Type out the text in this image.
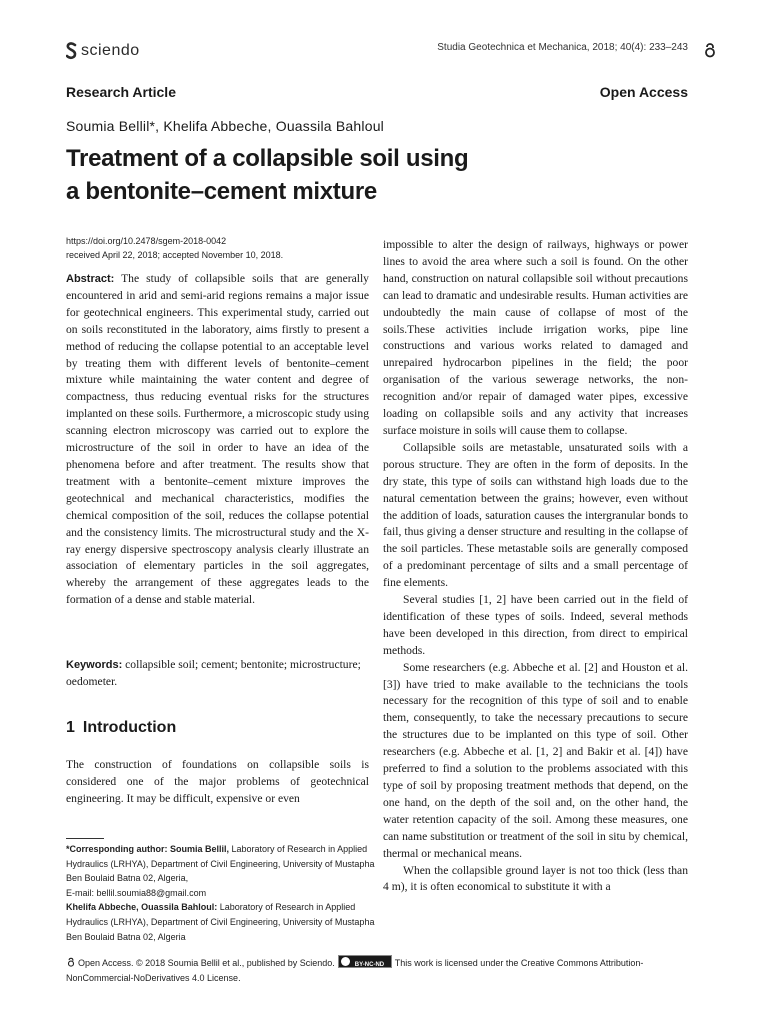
sciendo	Studia Geotechnica et Mechanica, 2018; 40(4): 233–243
Research Article	Open Access
Soumia Bellil*, Khelifa Abbeche, Ouassila Bahloul
Treatment of a collapsible soil using
a bentonite–cement mixture
https://doi.org/10.2478/sgem-2018-0042
received April 22, 2018; accepted November 10, 2018.

Abstract: The study of collapsible soils that are generally encountered in arid and semi-arid regions remains a major issue for geotechnical engineers. This experimental study, carried out on soils reconstituted in the laboratory, aims firstly to present a method of reducing the collapse potential to an acceptable level by treating them with different levels of bentonite–cement mixture while maintaining the water content and degree of compactness, thus reducing eventual risks for the structures implanted on these soils. Furthermore, a microscopic study using scanning electron microscopy was carried out to explore the microstructure of the soil in order to have an idea of the phenomena before and after treatment. The results show that treatment with a bentonite–cement mixture improves the geotechnical and mechanical characteristics, modifies the chemical composition of the soil, reduces the collapse potential and the consistency limits. The microstructural study and the X-ray energy dispersive spectroscopy analysis clearly illustrate an association of elementary particles in the soil aggregates, whereby the arrangement of these aggregates leads to the formation of a dense and stable material.

Keywords: collapsible soil; cement; bentonite; microstructure; oedometer.

1 Introduction

The construction of foundations on collapsible soils is considered one of the major problems of geotechnical engineering. It may be difficult, expensive or even

*Corresponding author: Soumia Bellil, Laboratory of Research in Applied Hydraulics (LRHYA), Department of Civil Engineering, University of Mustapha Ben Boulaid Batna 02, Algeria,
E-mail: bellil.soumia88@gmail.com
Khelifa Abbeche, Ouassila Bahloul: Laboratory of Research in Applied Hydraulics (LRHYA), Department of Civil Engineering, University of Mustapha Ben Boulaid Batna 02, Algeria

impossible to alter the design of railways, highways or power lines to avoid the area where such a soil is found. On the other hand, construction on natural collapsible soil without precautions can lead to dramatic and undesirable results. Human activities are undoubtedly the main cause of collapse of most of the soils.These activities include irrigation works, pipe line constructions and various works related to damaged and unrepaired hydrocarbon pipelines in the field; the poor organisation of the various sewerage networks, the non-recognition and/or repair of damaged water pipes, excessive loading on collapsible soils and any activity that increases surface moisture in soils will cause them to collapse.

Collapsible soils are metastable, unsaturated soils with a porous structure. They are often in the form of deposits. In the dry state, this type of soils can withstand high loads due to the natural cementation between the grains; however, even without the addition of loads, saturation causes the intergranular bonds to fail, thus giving a denser structure and resulting in the collapse of the soil particles. These metastable soils are generally composed of a predominant percentage of silts and a small percentage of fine elements.

Several studies [1, 2] have been carried out in the field of identification of these types of soils. Indeed, several methods have been developed in this direction, from direct to empirical methods.

Some researchers (e.g. Abbeche et al. [2] and Houston et al. [3]) have tried to make available to the technicians the tools necessary for the recognition of this type of soil and to enable them, consequently, to take the necessary precautions to secure the structures due to be implanted on this type of soil. Other researchers (e.g. Abbeche et al. [1, 2] and Bakir et al. [4]) have preferred to find a solution to the problems associated with this type of soil by proposing treatment methods that depend, on the one hand, on the depth of the soil and, on the other hand, the water retention capacity of the soil. Among these measures, one can name substitution or treatment of the soil in situ by chemical, thermal or mechanical means.

When the collapsible ground layer is not too thick (less than 4 m), it is often economical to substitute it with a

Open Access. © 2018 Soumia Bellil et al., published by Sciendo.	BY-NC-ND This work is licensed under the Creative Commons Attribution-
NonCommercial-NoDerivatives 4.0 License.
